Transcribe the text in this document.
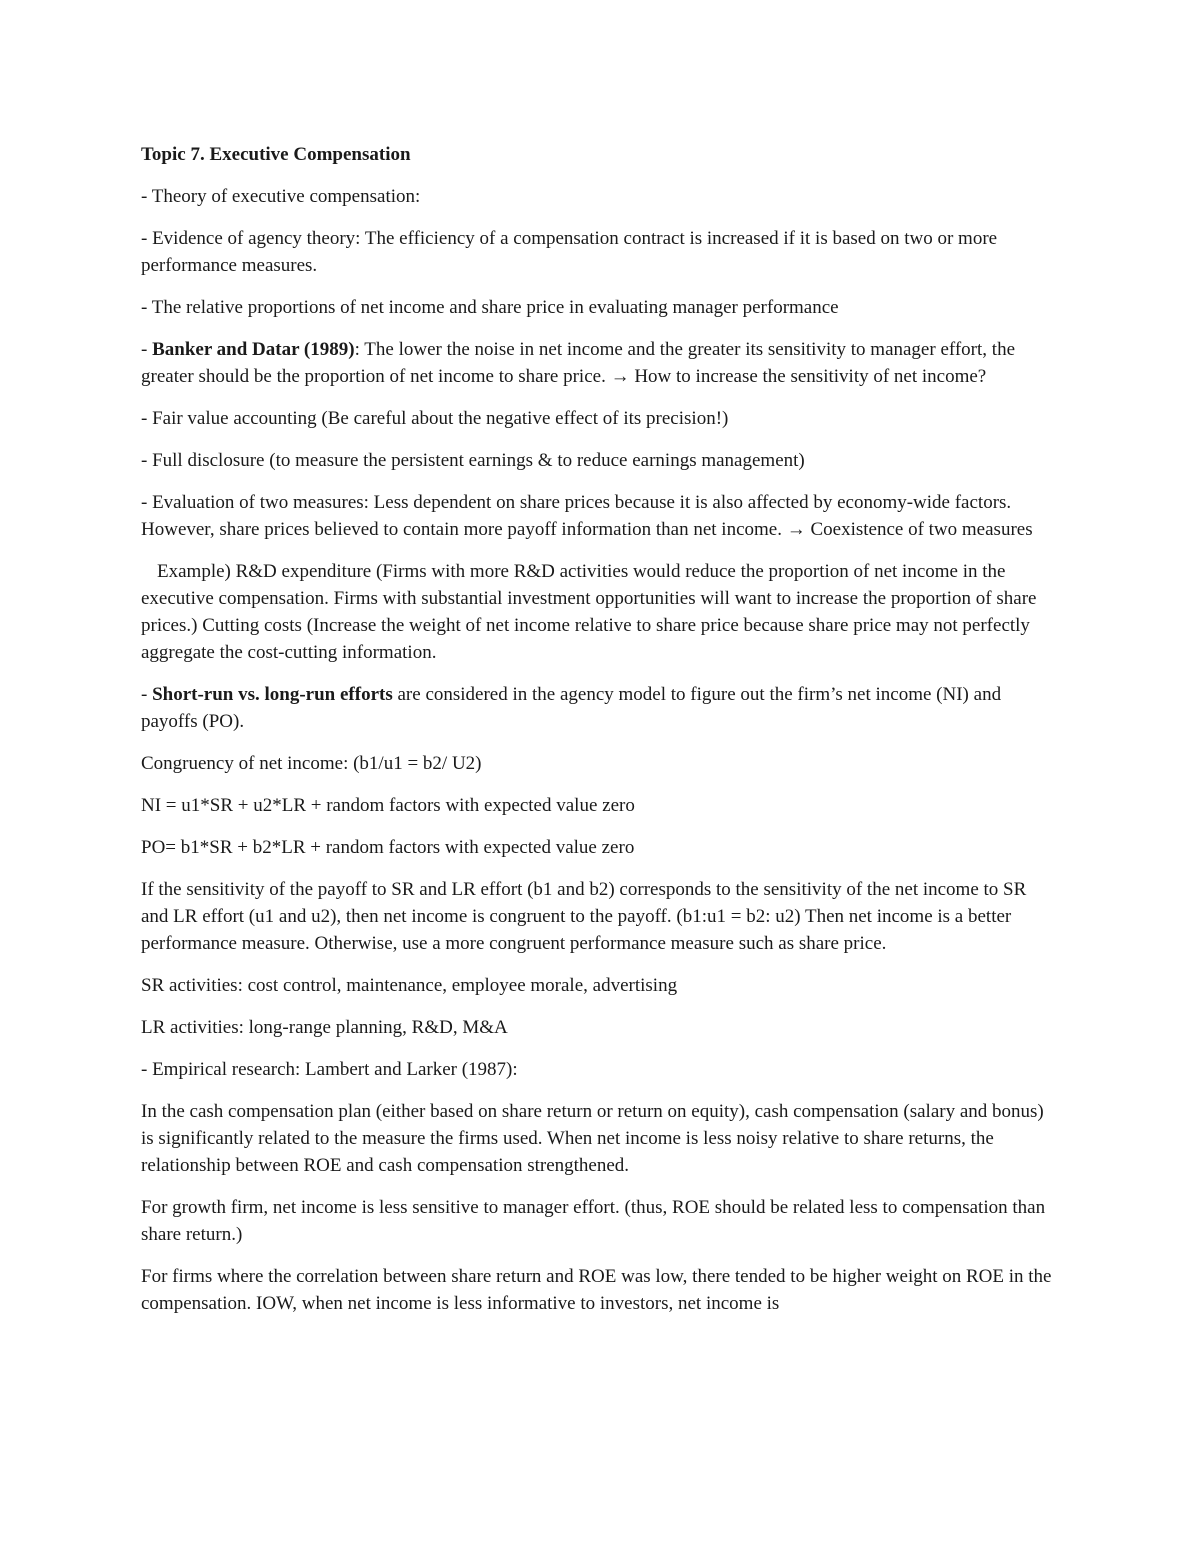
Topic 7. Executive Compensation

- Theory of executive compensation:

- Evidence of agency theory: The efficiency of a compensation contract is increased if it is based on two or more performance measures.

- The relative proportions of net income and share price in evaluating manager performance

- Banker and Datar (1989): The lower the noise in net income and the greater its sensitivity to manager effort, the greater should be the proportion of net income to share price. → How to increase the sensitivity of net income?

- Fair value accounting (Be careful about the negative effect of its precision!)

- Full disclosure (to measure the persistent earnings & to reduce earnings management)

- Evaluation of two measures: Less dependent on share prices because it is also affected by economy-wide factors. However, share prices believed to contain more payoff information than net income. → Coexistence of two measures

Example) R&D expenditure (Firms with more R&D activities would reduce the proportion of net income in the executive compensation. Firms with substantial investment opportunities will want to increase the proportion of share prices.) Cutting costs (Increase the weight of net income relative to share price because share price may not perfectly aggregate the cost-cutting information.

- Short-run vs. long-run efforts are considered in the agency model to figure out the firm’s net income (NI) and payoffs (PO).

Congruency of net income: (b1/u1 = b2/ U2)

NI = u1*SR + u2*LR + random factors with expected value zero

PO= b1*SR + b2*LR + random factors with expected value zero

If the sensitivity of the payoff to SR and LR effort (b1 and b2) corresponds to the sensitivity of the net income to SR and LR effort (u1 and u2), then net income is congruent to the payoff. (b1:u1 = b2: u2) Then net income is a better performance measure. Otherwise, use a more congruent performance measure such as share price.

SR activities: cost control, maintenance, employee morale, advertising

LR activities: long-range planning, R&D, M&A

- Empirical research: Lambert and Larker (1987):

In the cash compensation plan (either based on share return or return on equity), cash compensation (salary and bonus) is significantly related to the measure the firms used. When net income is less noisy relative to share returns, the relationship between ROE and cash compensation strengthened.

For growth firm, net income is less sensitive to manager effort. (thus, ROE should be related less to compensation than share return.)

For firms where the correlation between share return and ROE was low, there tended to be higher weight on ROE in the compensation. IOW, when net income is less informative to investors, net income is
